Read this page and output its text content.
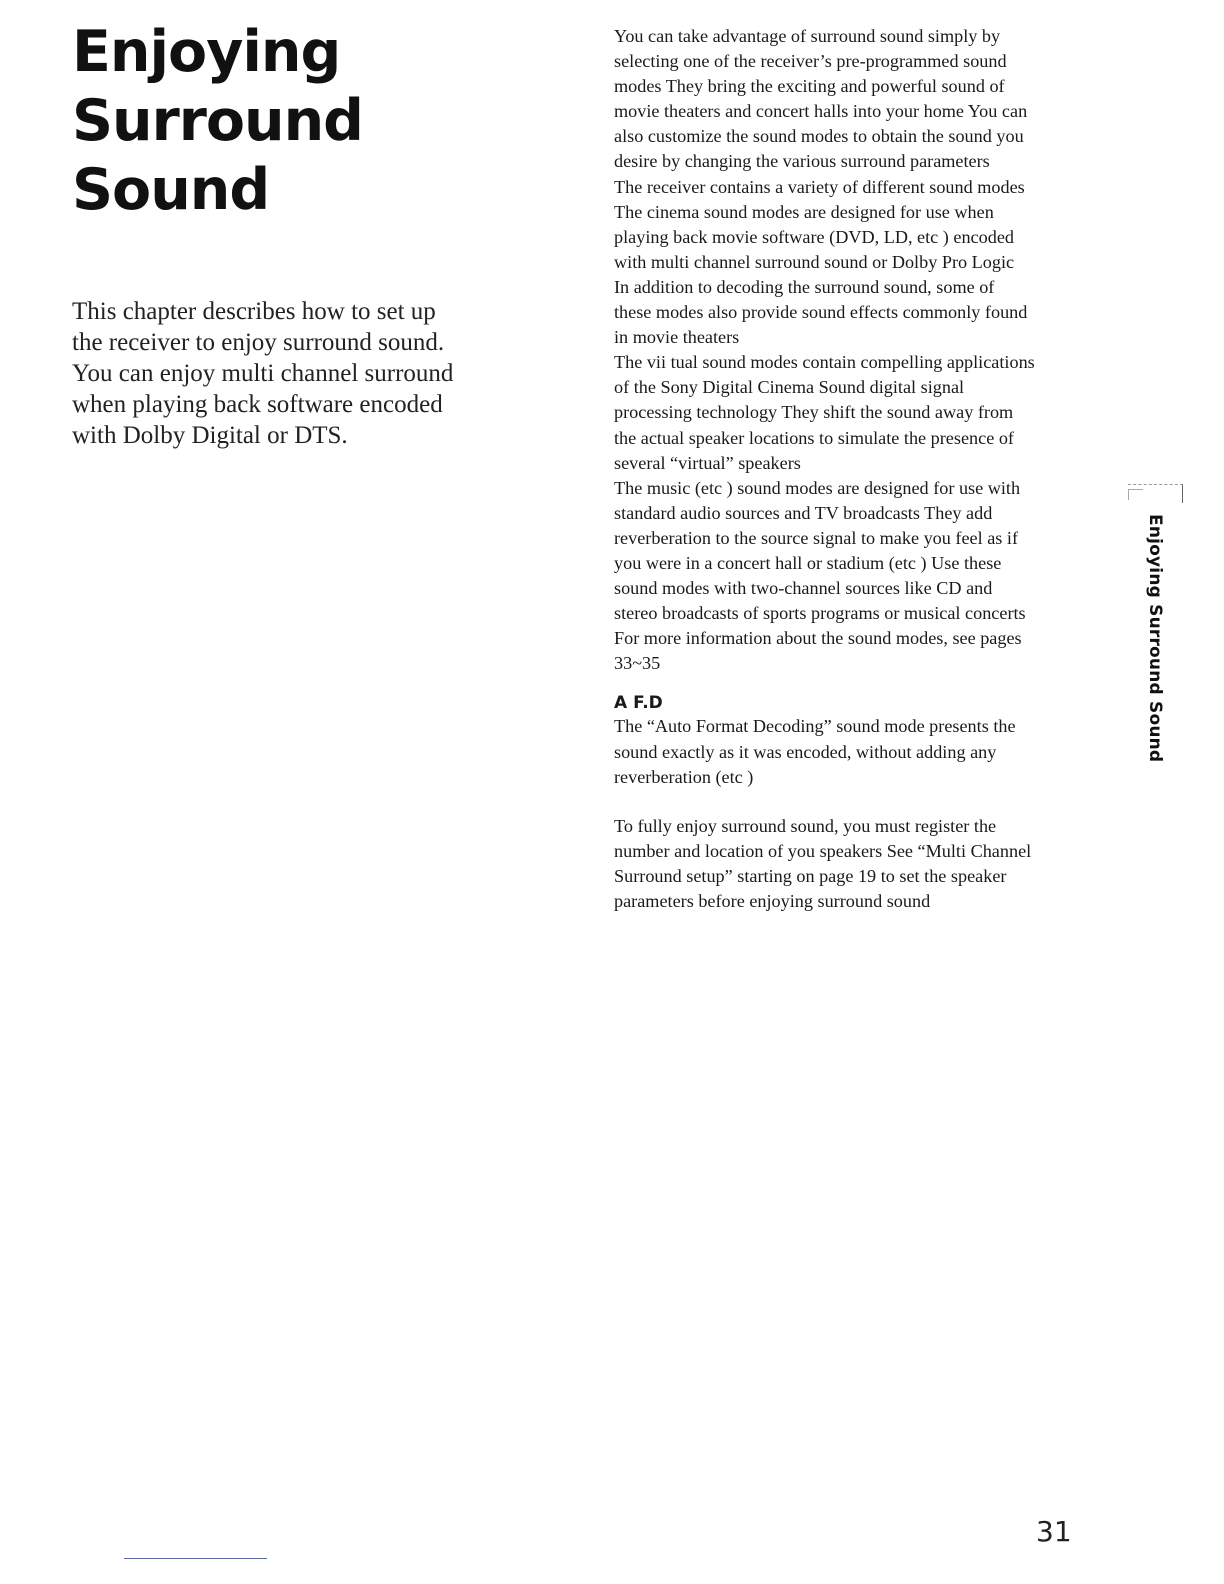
Enjoying
Surround
Sound
This chapter describes how to set up
the receiver to enjoy surround sound.
You can enjoy multi channel surround
when playing back software encoded
with Dolby Digital or DTS.
You can take advantage of surround sound simply by
selecting one of the receiver’s pre-programmed sound
modes They bring the exciting and powerful sound of
movie theaters and concert halls into your home You can
also customize the sound modes to obtain the sound you
desire by changing the various surround parameters
The receiver contains a variety of different sound modes
The cinema sound modes are designed for use when
playing back movie software (DVD, LD, etc ) encoded
with multi channel surround sound or Dolby Pro Logic
In addition to decoding the surround sound, some of
these modes also provide sound effects commonly found
in movie theaters
The vii tual sound modes contain compelling applications
of the Sony Digital Cinema Sound digital signal
processing technology They shift the sound away from
the actual speaker locations to simulate the presence of
several “virtual” speakers
The music (etc ) sound modes are designed for use with
standard audio sources and TV broadcasts They add
reverberation to the source signal to make you feel as if
you were in a concert hall or stadium (etc ) Use these
sound modes with two-channel sources like CD and
stereo broadcasts of sports programs or musical concerts
For more information about the sound modes, see pages
33~35
A F.D
The “Auto Format Decoding” sound mode presents the
sound exactly as it was encoded, without adding any
reverberation (etc )
To fully enjoy surround sound, you must register the
number and location of you speakers See “Multi Channel
Surround setup” starting on page 19 to set the speaker
parameters before enjoying surround sound
Enjoying Surround Sound
31
